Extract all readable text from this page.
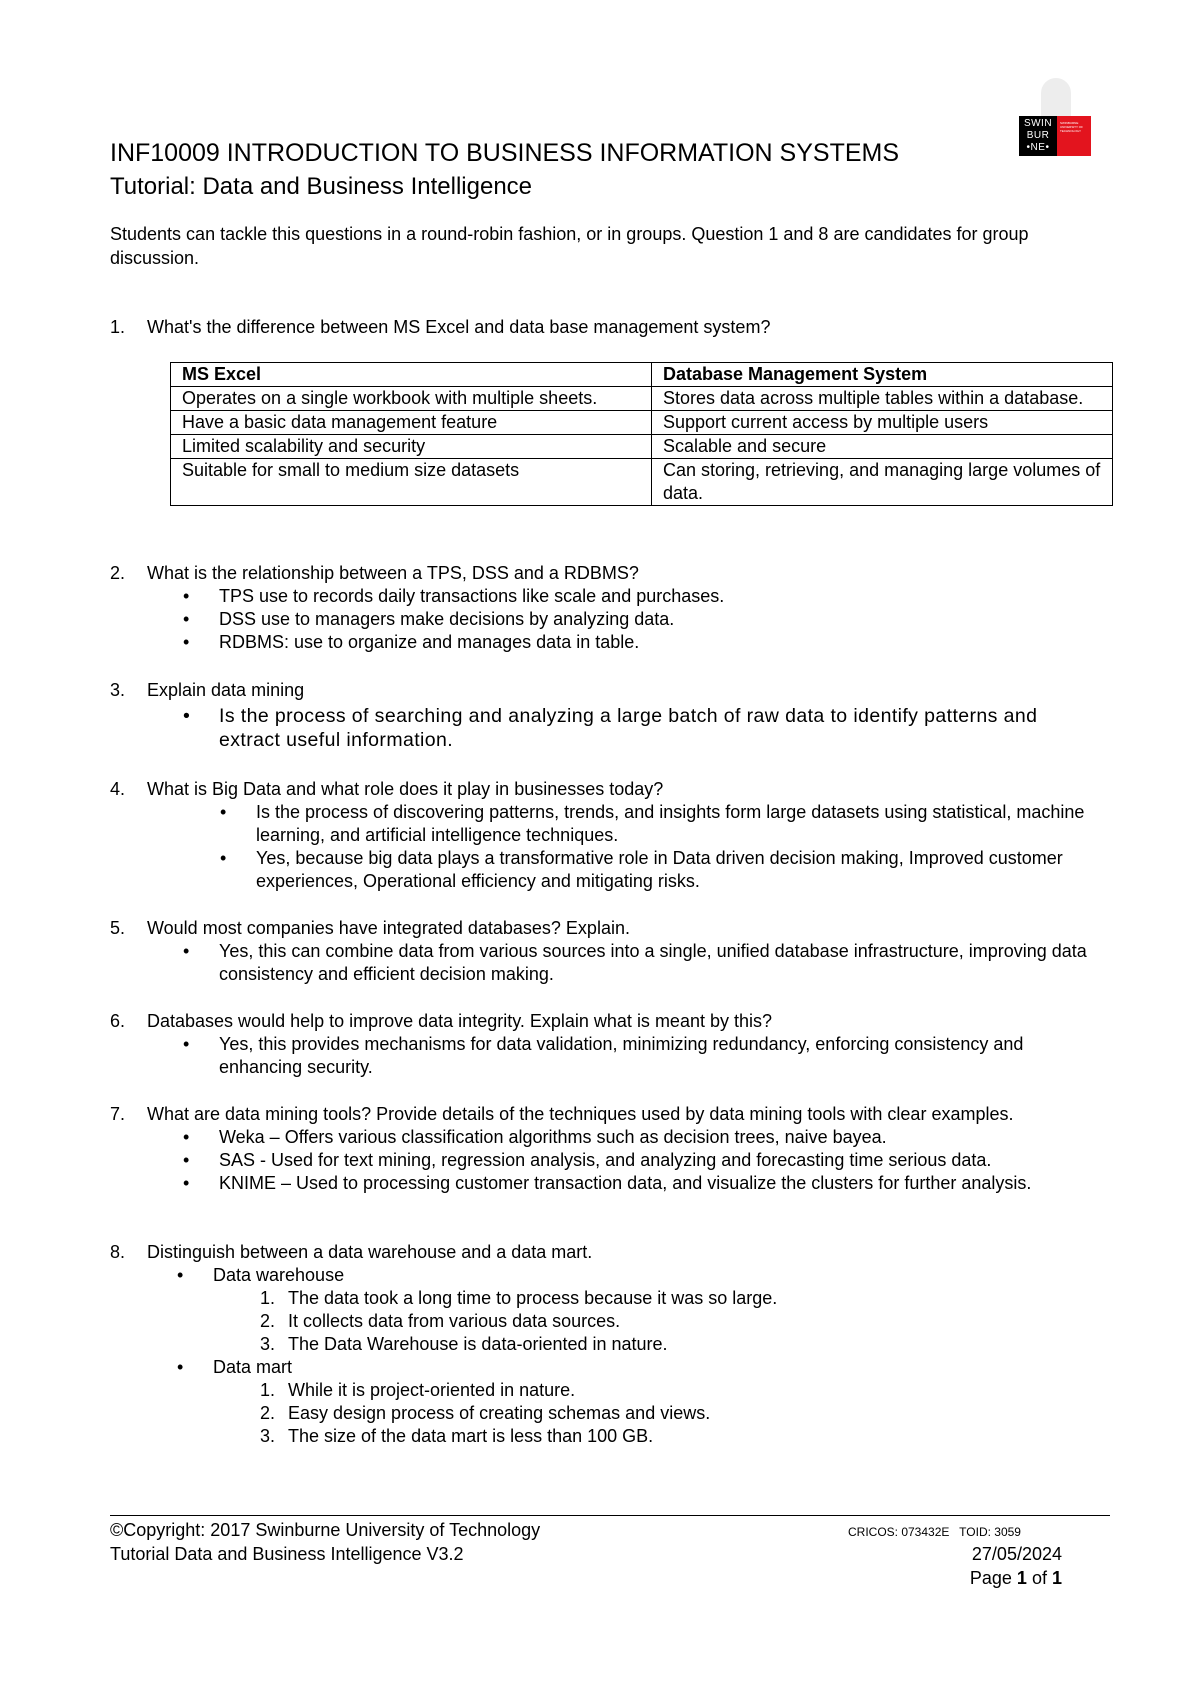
SWIN
BUR
•NE•
SWINBURNE UNIVERSITY OF TECHNOLOGY
INF10009 INTRODUCTION TO BUSINESS INFORMATION SYSTEMS
Tutorial: Data and Business Intelligence
Students can tackle this questions in a round-robin fashion, or in groups. Question 1 and 8 are candidates for group discussion.
1.	What's the difference between MS Excel and data base management system?
MS Excel	Database Management System
Operates on a single workbook with multiple sheets.	Stores data across multiple tables within a database.
Have a basic data management feature	Support current access by multiple users
Limited scalability and security	Scalable and secure
Suitable for small to medium size datasets	Can storing, retrieving, and managing large volumes of data.
2.	What is the relationship between a TPS, DSS and a RDBMS?
• TPS use to records daily transactions like scale and purchases.
• DSS use to managers make decisions by analyzing data.
• RDBMS: use to organize and manages data in table.
3.	Explain data mining
• Is the process of searching and analyzing a large batch of raw data to identify patterns and extract useful information.
4.	What is Big Data and what role does it play in businesses today?
• Is the process of discovering patterns, trends, and insights form large datasets using statistical, machine learning, and artificial intelligence techniques.
• Yes, because big data plays a transformative role in Data driven decision making, Improved customer experiences, Operational efficiency and mitigating risks.
5.	Would most companies have integrated databases? Explain.
• Yes, this can combine data from various sources into a single, unified database infrastructure, improving data consistency and efficient decision making.
6.	Databases would help to improve data integrity. Explain what is meant by this?
• Yes, this provides mechanisms for data validation, minimizing redundancy, enforcing consistency and enhancing security.
7.	What are data mining tools? Provide details of the techniques used by data mining tools with clear examples.
• Weka – Offers various classification algorithms such as decision trees, naive bayea.
• SAS - Used for text mining, regression analysis, and analyzing and forecasting time serious data.
• KNIME – Used to processing customer transaction data, and visualize the clusters for further analysis.
8.	Distinguish between a data warehouse and a data mart.
• Data warehouse
1. The data took a long time to process because it was so large.
2. It collects data from various data sources.
3. The Data Warehouse is data-oriented in nature.
• Data mart
1. While it is project-oriented in nature.
2. Easy design process of creating schemas and views.
3. The size of the data mart is less than 100 GB.
©Copyright: 2017 Swinburne University of Technology
Tutorial Data and Business Intelligence V3.2
CRICOS: 073432E   TOID: 3059
27/05/2024
Page 1 of 1
